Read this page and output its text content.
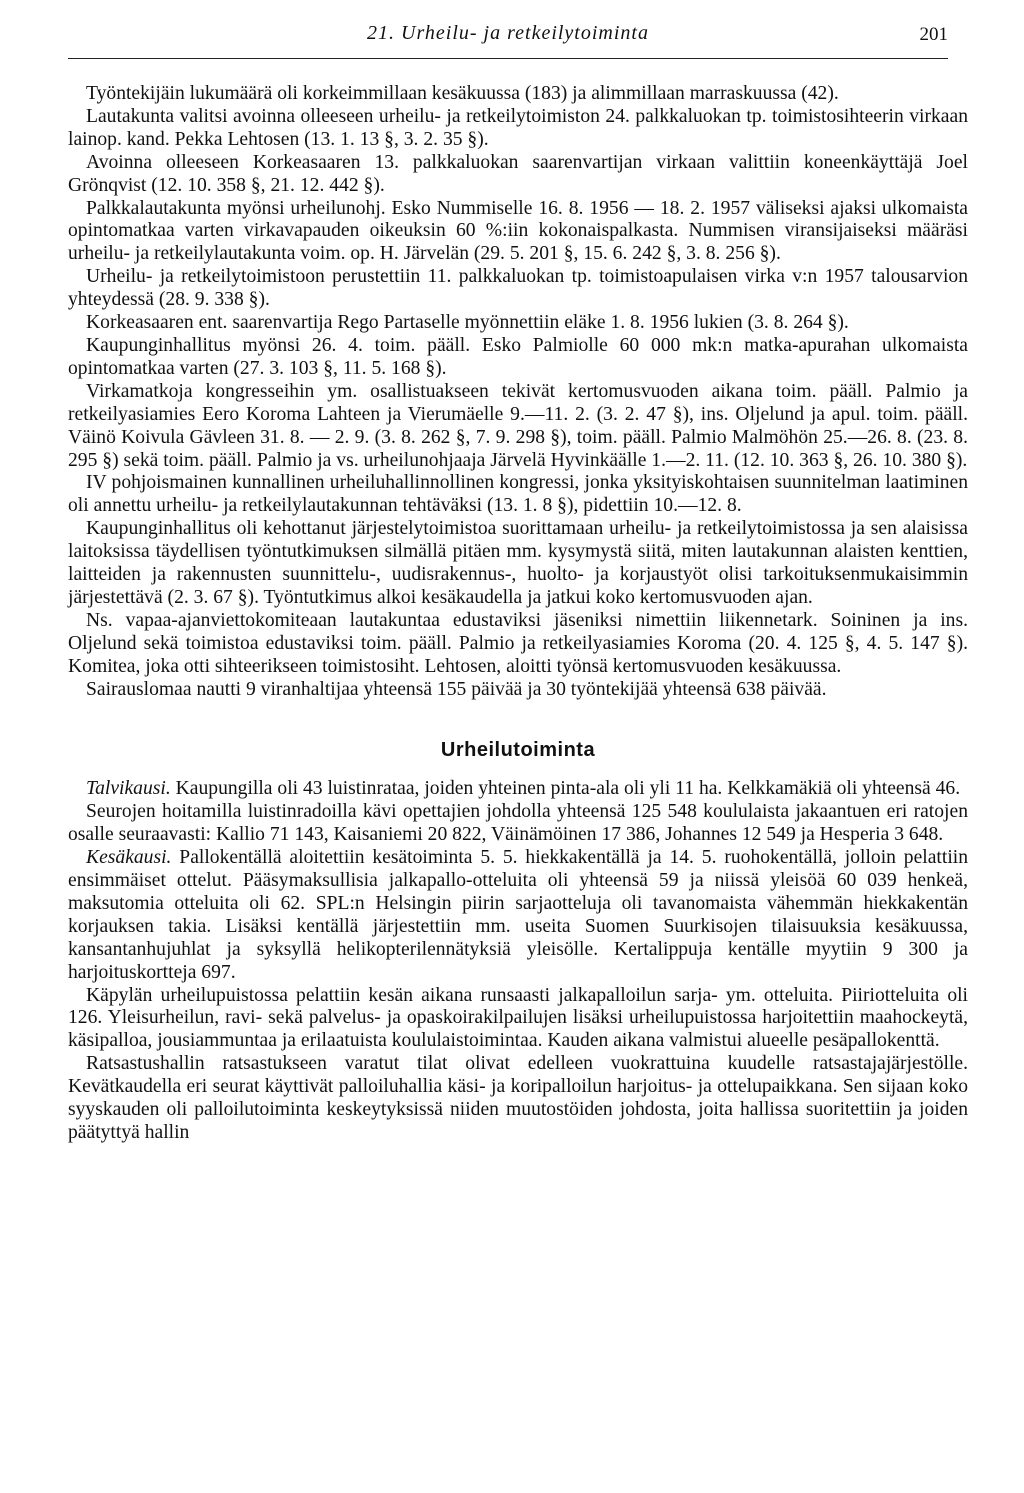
21. Urheilu- ja retkeilytoiminta	201

Työntekijäin lukumäärä oli korkeimmillaan kesäkuussa (183) ja alimmillaan marraskuussa (42).

Lautakunta valitsi avoinna olleeseen urheilu- ja retkeilytoimiston 24. palkkaluokan tp. toimistosihteerin virkaan lainop. kand. Pekka Lehtosen (13. 1. 13 §, 3. 2. 35 §).

Avoinna olleeseen Korkeasaaren 13. palkkaluokan saarenvartijan virkaan valittiin koneenkäyttäjä Joel Grönqvist (12. 10. 358 §, 21. 12. 442 §).

Palkkalautakunta myönsi urheilunohj. Esko Nummiselle 16. 8. 1956 — 18. 2. 1957 väliseksi ajaksi ulkomaista opintomatkaa varten virkavapauden oikeuksin 60 %:iin kokonaispalkasta. Nummisen viransijaiseksi määräsi urheilu- ja retkeilylautakunta voim. op. H. Järvelän (29. 5. 201 §, 15. 6. 242 §, 3. 8. 256 §).

Urheilu- ja retkeilytoimistoon perustettiin 11. palkkaluokan tp. toimistoapulaisen virka v:n 1957 talousarvion yhteydessä (28. 9. 338 §).

Korkeasaaren ent. saarenvartija Rego Partaselle myönnettiin eläke 1. 8. 1956 lukien (3. 8. 264 §).

Kaupunginhallitus myönsi 26. 4. toim. pääll. Esko Palmiolle 60 000 mk:n matka-apurahan ulkomaista opintomatkaa varten (27. 3. 103 §, 11. 5. 168 §).

Virkamatkoja kongresseihin ym. osallistuakseen tekivät kertomusvuoden aikana toim. pääll. Palmio ja retkeilyasiamies Eero Koroma Lahteen ja Vierumäelle 9.—11. 2. (3. 2. 47 §), ins. Oljelund ja apul. toim. pääll. Väinö Koivula Gävleen 31. 8. — 2. 9. (3. 8. 262 §, 7. 9. 298 §), toim. pääll. Palmio Malmöhön 25.—26. 8. (23. 8. 295 §) sekä toim. pääll. Palmio ja vs. urheilunohjaaja Järvelä Hyvinkäälle 1.—2. 11. (12. 10. 363 §, 26. 10. 380 §).

IV pohjoismainen kunnallinen urheiluhallinnollinen kongressi, jonka yksityiskohtaisen suunnitelman laatiminen oli annettu urheilu- ja retkeilylautakunnan tehtäväksi (13. 1. 8 §), pidettiin 10.—12. 8.

Kaupunginhallitus oli kehottanut järjestelytoimistoa suorittamaan urheilu- ja retkeilytoimistossa ja sen alaisissa laitoksissa täydellisen työntutkimuksen silmällä pitäen mm. kysymystä siitä, miten lautakunnan alaisten kenttien, laitteiden ja rakennusten suunnittelu-, uudisrakennus-, huolto- ja korjaustyöt olisi tarkoituksenmukaisimmin järjestettävä (2. 3. 67 §). Työntutkimus alkoi kesäkaudella ja jatkui koko kertomusvuoden ajan.

Ns. vapaa-ajanviettokomiteaan lautakuntaa edustaviksi jäseniksi nimettiin liikennetark. Soininen ja ins. Oljelund sekä toimistoa edustaviksi toim. pääll. Palmio ja retkeilyasiamies Koroma (20. 4. 125 §, 4. 5. 147 §). Komitea, joka otti sihteerikseen toimistosiht. Lehtosen, aloitti työnsä kertomusvuoden kesäkuussa.

Sairauslomaa nautti 9 viranhaltijaa yhteensä 155 päivää ja 30 työntekijää yhteensä 638 päivää.

Urheilutoiminta

Talvikausi. Kaupungilla oli 43 luistinrataa, joiden yhteinen pinta-ala oli yli 11 ha. Kelkkamäkiä oli yhteensä 46.

Seurojen hoitamilla luistinradoilla kävi opettajien johdolla yhteensä 125 548 koululaista jakaantuen eri ratojen osalle seuraavasti: Kallio 71 143, Kaisaniemi 20 822, Väinämöinen 17 386, Johannes 12 549 ja Hesperia 3 648.

Kesäkausi. Pallokentällä aloitettiin kesätoiminta 5. 5. hiekkakentällä ja 14. 5. ruohokentällä, jolloin pelattiin ensimmäiset ottelut. Pääsymaksullisia jalkapallo-otteluita oli yhteensä 59 ja niissä yleisöä 60 039 henkeä, maksutomia otteluita oli 62. SPL:n Helsingin piirin sarjaotteluja oli tavanomaista vähemmän hiekkakentän korjauksen takia. Lisäksi kentällä järjestettiin mm. useita Suomen Suurkisojen tilaisuuksia kesäkuussa, kansantanhujuhlat ja syksyllä helikopterilennätyksiä yleisölle. Kertalippuja kentälle myytiin 9 300 ja harjoituskortteja 697.

Käpylän urheilupuistossa pelattiin kesän aikana runsaasti jalkapalloilun sarja- ym. otteluita. Piiriotteluita oli 126. Yleisurheilun, ravi- sekä palvelus- ja opaskoirakilpailujen lisäksi urheilupuistossa harjoitettiin maahockeytä, käsipalloa, jousiammuntaa ja erilaatuista koululaistoimintaa. Kauden aikana valmistui alueelle pesäpallokenttä.

Ratsastushallin ratsastukseen varatut tilat olivat edelleen vuokrattuina kuudelle ratsastajajärjestölle. Kevätkaudella eri seurat käyttivät palloiluhallia käsi- ja koripalloilun harjoitus- ja ottelupaikkana. Sen sijaan koko syyskauden oli palloilutoiminta keskeytyksissä niiden muutostöiden johdosta, joita hallissa suoritettiin ja joiden päätyttyä hallin
